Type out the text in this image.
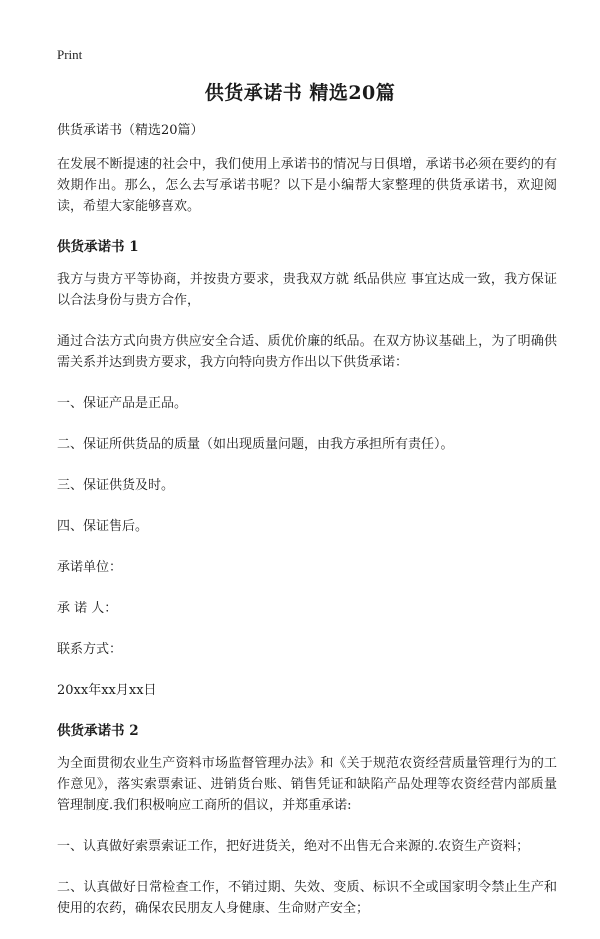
Print
供货承诺书 精选20篇

供货承诺书（精选20篇）

在发展不断提速的社会中，我们使用上承诺书的情况与日俱增，承诺书必须在要约的有效期作出。那么，怎么去写承诺书呢？以下是小编帮大家整理的供货承诺书，欢迎阅读，希望大家能够喜欢。

供货承诺书 1

我方与贵方平等协商，并按贵方要求，贵我双方就 纸品供应 事宜达成一致，我方保证以合法身份与贵方合作，

通过合法方式向贵方供应安全合适、质优价廉的纸品。在双方协议基础上，为了明确供需关系并达到贵方要求，我方向特向贵方作出以下供货承诺：

一、保证产品是正品。

二、保证所供货品的质量（如出现质量问题，由我方承担所有责任）。

三、保证供货及时。

四、保证售后。

承诺单位：

承 诺 人：

联系方式：

20xx年xx月xx日

供货承诺书 2

为全面贯彻农业生产资料市场监督管理办法》和《关于规范农资经营质量管理行为的工作意见》，落实索票索证、进销货台账、销售凭证和缺陷产品处理等农资经营内部质量管理制度.我们积极响应工商所的倡议，并郑重承诺:

一、认真做好索票索证工作，把好进货关，绝对不出售无合来源的.农资生产资料；

二、认真做好日常检查工作，不销过期、失效、变质、标识不全或国家明令禁止生产和使用的农药，确保农民朋友人身健康、生命财产安全；
